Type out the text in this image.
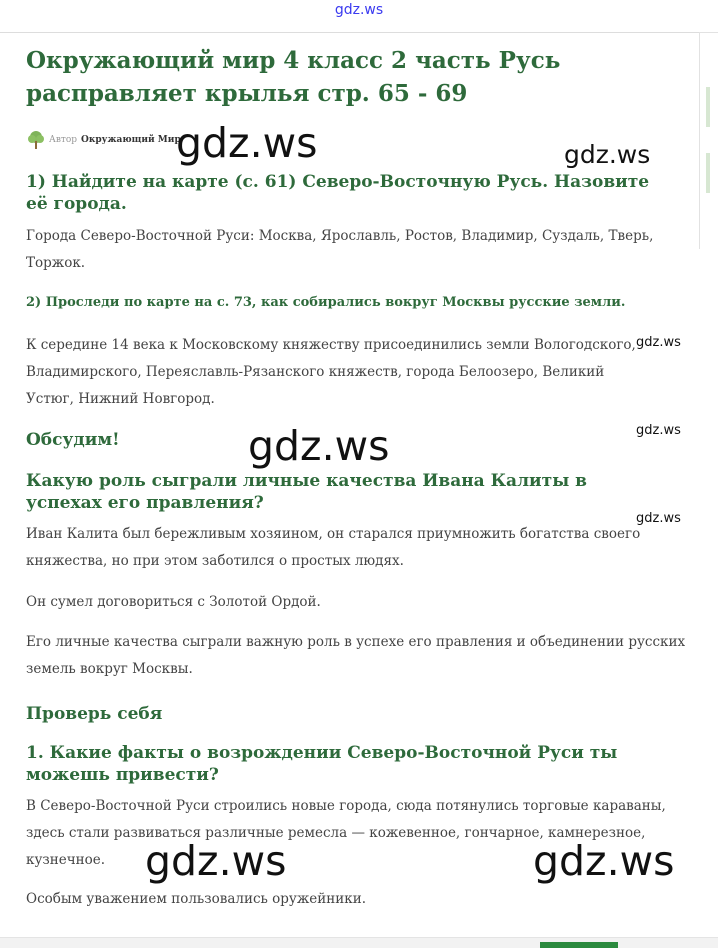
gdz.ws
Окружающий мир 4 класс 2 часть Русь расправляет крылья стр. 65 - 69
Автор Окружающий Мир
1) Найдите на карте (с. 61) Северо-Восточную Русь. Назовите её города.

Города Северо-Восточной Руси: Москва, Ярославль, Ростов, Владимир, Суздаль, Тверь, Торжок.

2) Проследи по карте на с. 73, как собирались вокруг Москвы русские земли.

К середине 14 века к Московскому княжеству присоединились земли Вологодского, Владимирского, Переяславль-Рязанского княжеств, города Белоозеро, Великий Устюг, Нижний Новгород.

Обсудим!
Какую роль сыграли личные качества Ивана Калиты в успехах его правления?

Иван Калита был бережливым хозяином, он старался приумножить богатства своего княжества, но при этом заботился о простых людях.

Он сумел договориться с Золотой Ордой.

Его личные качества сыграли важную роль в успехе его правления и объединении русских земель вокруг Москвы.

Проверь себя
1. Какие факты о возрождении Северо-Восточной Руси ты можешь привести?

В Северо-Восточной Руси строились новые города, сюда потянулись торговые караваны, здесь стали развиваться различные ремесла — кожевенное, гончарное, камнерезное, кузнечное.

Особым уважением пользовались оружейники.

gdz.ws	gdz.ws
gdz.ws
gdz.ws
gdz.ws
gdz.ws
gdz.ws	gdz.ws
